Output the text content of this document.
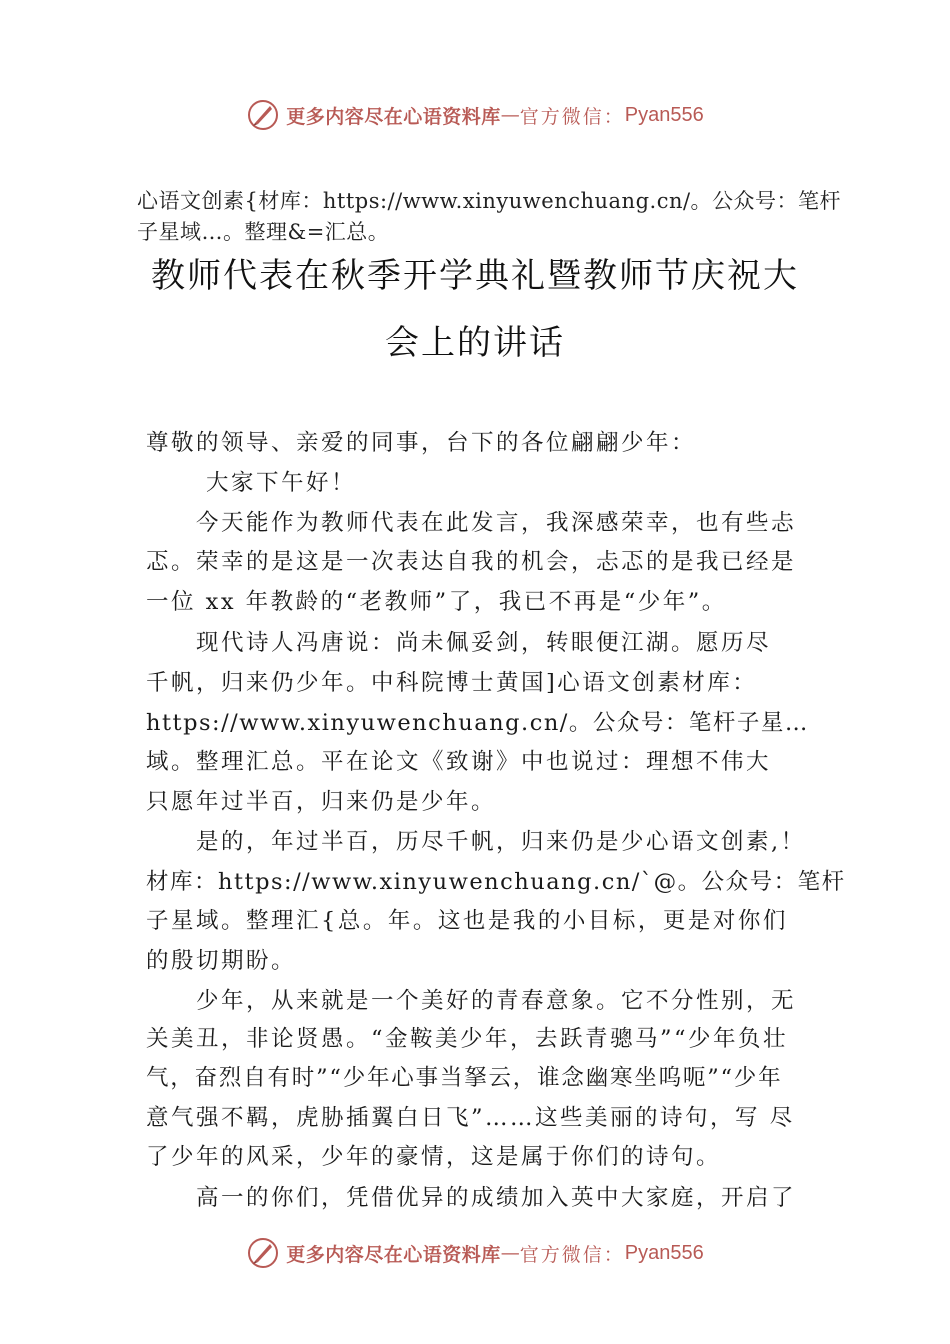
更多内容尽在心语资料库 — 官方微信： Pyan556
心语文创素{材库：https://www.xinyuwenchuang.cn/。公众号：笔杆子星域…。整理&=汇总。
教师代表在秋季开学典礼暨教师节庆祝大
会上的讲话
尊敬的领导、亲爱的同事，台下的各位翩翩少年：
大家下午好！
今天能作为教师代表在此发言，我深感荣幸，也有些忐
忑。荣幸的是这是一次表达自我的机会，忐忑的是我已经是
一位 xx 年教龄的“老教师”了，我已不再是“少年”。
现代诗人冯唐说：尚未佩妥剑，转眼便江湖。愿历尽
千帆，归来仍少年。中科院博士黄国]心语文创素材库：
https://www.xinyuwenchuang.cn/。公众号：笔杆子星…
域。整理汇总。平在论文《致谢》中也说过：理想不伟大
只愿年过半百，归来仍是少年。
是的，年过半百，历尽千帆，归来仍是少心语文创素,！
材库：https://www.xinyuwenchuang.cn/`@。公众号：笔杆
子星域。整理汇{总。年。这也是我的小目标，更是对你们
的殷切期盼。
少年，从来就是一个美好的青春意象。它不分性别，无
关美丑，非论贤愚。“金鞍美少年，去跃青骢马”“少年负壮
气，奋烈自有时”“少年心事当拏云，谁念幽寒坐呜呃”“少年
意气强不羁，虎胁插翼白日飞”……这些美丽的诗句，写 尽
了少年的风采，少年的豪情，这是属于你们的诗句。
高一的你们，凭借优异的成绩加入英中大家庭，开启了
更多内容尽在心语资料库 — 官方微信： Pyan556
